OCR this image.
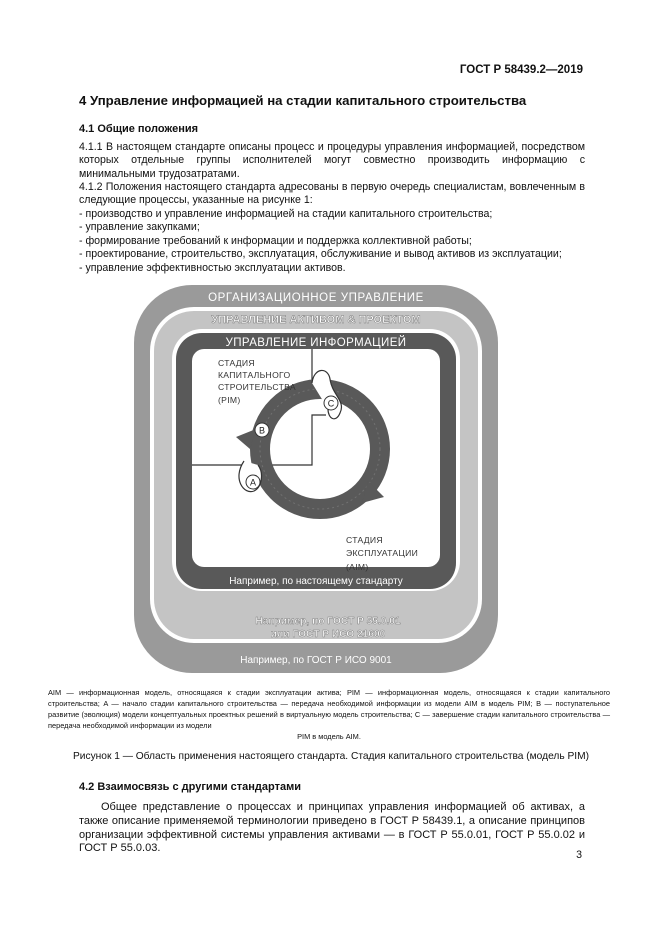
ГОСТ Р 58439.2—2019
4 Управление информацией на стадии капитального строительства
4.1 Общие положения
4.1.1 В настоящем стандарте описаны процесс и процедуры управления информацией, посредством которых отдельные группы исполнителей могут совместно производить информацию с минимальными трудозатратами.
4.1.2 Положения настоящего стандарта адресованы в первую очередь специалистам, вовлеченным в следующие процессы, указанные на рисунке 1:
- производство и управление информацией на стадии капитального строительства;
- управление закупками;
- формирование требований к информации и поддержка коллективной работы;
- проектирование, строительство, эксплуатация, обслуживание и вывод активов из эксплуатации;
- управление эффективностью эксплуатации активов.
ОРГАНИЗАЦИОННОЕ УПРАВЛЕНИЕ
УПРАВЛЕНИЕ АКТИВОМ & ПРОЕКТОМ
УПРАВЛЕНИЕ ИНФОРМАЦИЕЙ
A
B
C
СТАДИЯ
КАПИТАЛЬНОГО
СТРОИТЕЛЬСТВА
(PIM)
СТАДИЯ
ЭКСПЛУАТАЦИИ
(AIM)
Например, по настоящему стандарту
Например, по ГОСТ Р 55.0.01
или ГОСТ Р ИСО 21600
Например, по ГОСТ Р ИСО 9001
AIM — информационная модель, относящаяся к стадии эксплуатации актива; PIM — информационная модель, относящаяся к стадии капитального строительства; A — начало стадии капитального строительства — передача необходимой информации из модели AIM в модель PIM; B — поступательное развитие (эволюция) модели концептуальных проектных решений в виртуальную модель строительства; C — завершение стадии капитального строительства — передача необходимой информации из модели
PIM в модель AIM.
Рисунок 1 — Область применения настоящего стандарта. Стадия капитального строительства (модель PIM)
4.2 Взаимосвязь с другими стандартами
Общее представление о процессах и принципах управления информацией об активах, а также описание применяемой терминологии приведено в ГОСТ Р 58439.1, а описание принципов организации эффективной системы управления активами — в ГОСТ Р 55.0.01, ГОСТ Р 55.0.02 и ГОСТ Р 55.0.03.
3
